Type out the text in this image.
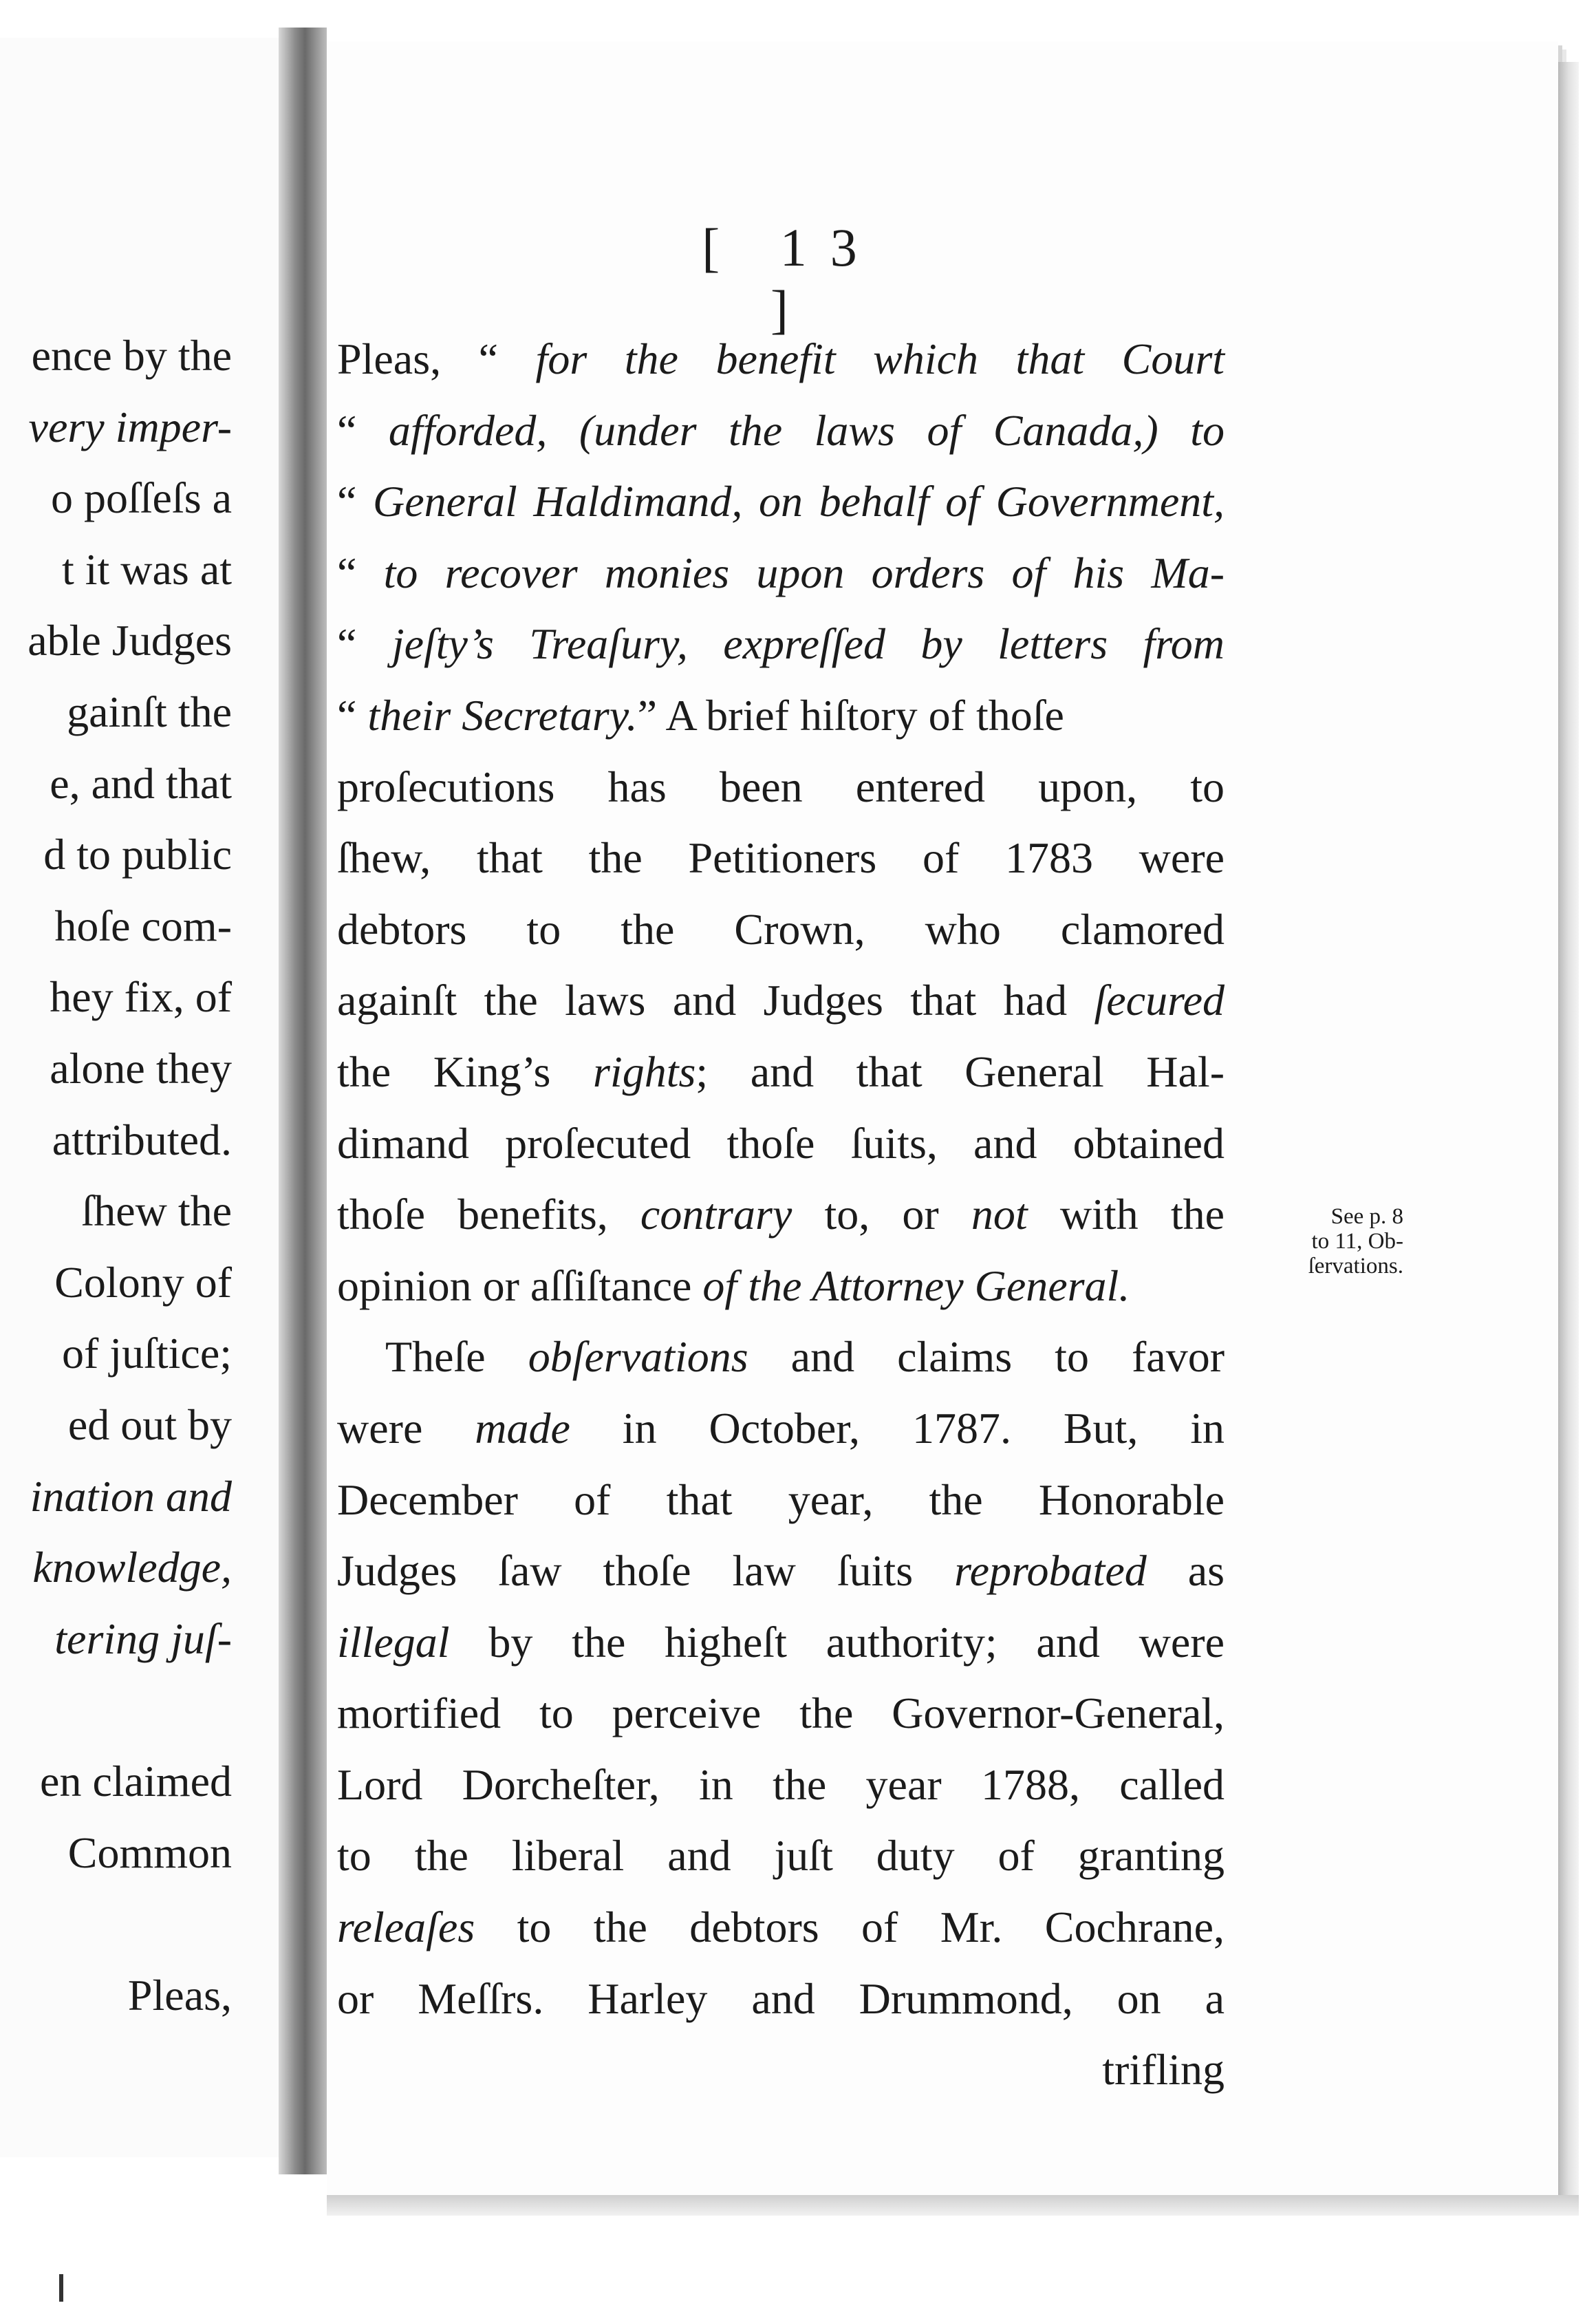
ence by the
very imper-
o poſſeſs a
t it was at
able Judges
gainſt the
e, and that
d to public
hoſe com-
hey fix, of
alone they
attributed.
ſhew the
Colony of
of juſtice;
ed out by
ination and
knowledge,
tering juſ-
en claimed
Common
Pleas,
[ 13 ]
Pleas, “ for the benefit which that Court
“ afforded, (under the laws of Canada,) to
“ General Haldimand, on behalf of Government,
“ to recover monies upon orders of his Ma-
“ jeſty’s Treaſury, expreſſed by letters from
“ their Secretary.” A brief hiſtory of thoſe
proſecutions has been entered upon, to
ſhew, that the Petitioners of 1783 were
debtors to the Crown, who clamored
againſt the laws and Judges that had ſecured
the King’s rights; and that General Hal-
dimand proſecuted thoſe ſuits, and obtained
thoſe benefits, contrary to, or not with the
opinion or aſſiſtance of the Attorney General.
Theſe obſervations and claims to favor
were made in October, 1787. But, in
December of that year, the Honorable
Judges ſaw thoſe law ſuits reprobated as
illegal by the higheſt authority; and were
mortified to perceive the Governor-General,
Lord Dorcheſter, in the year 1788, called
to the liberal and juſt duty of granting
releaſes to the debtors of Mr. Cochrane,
or Meſſrs. Harley and Drummond, on a
trifling
See p. 8
to 11, Ob-
ſervations.
